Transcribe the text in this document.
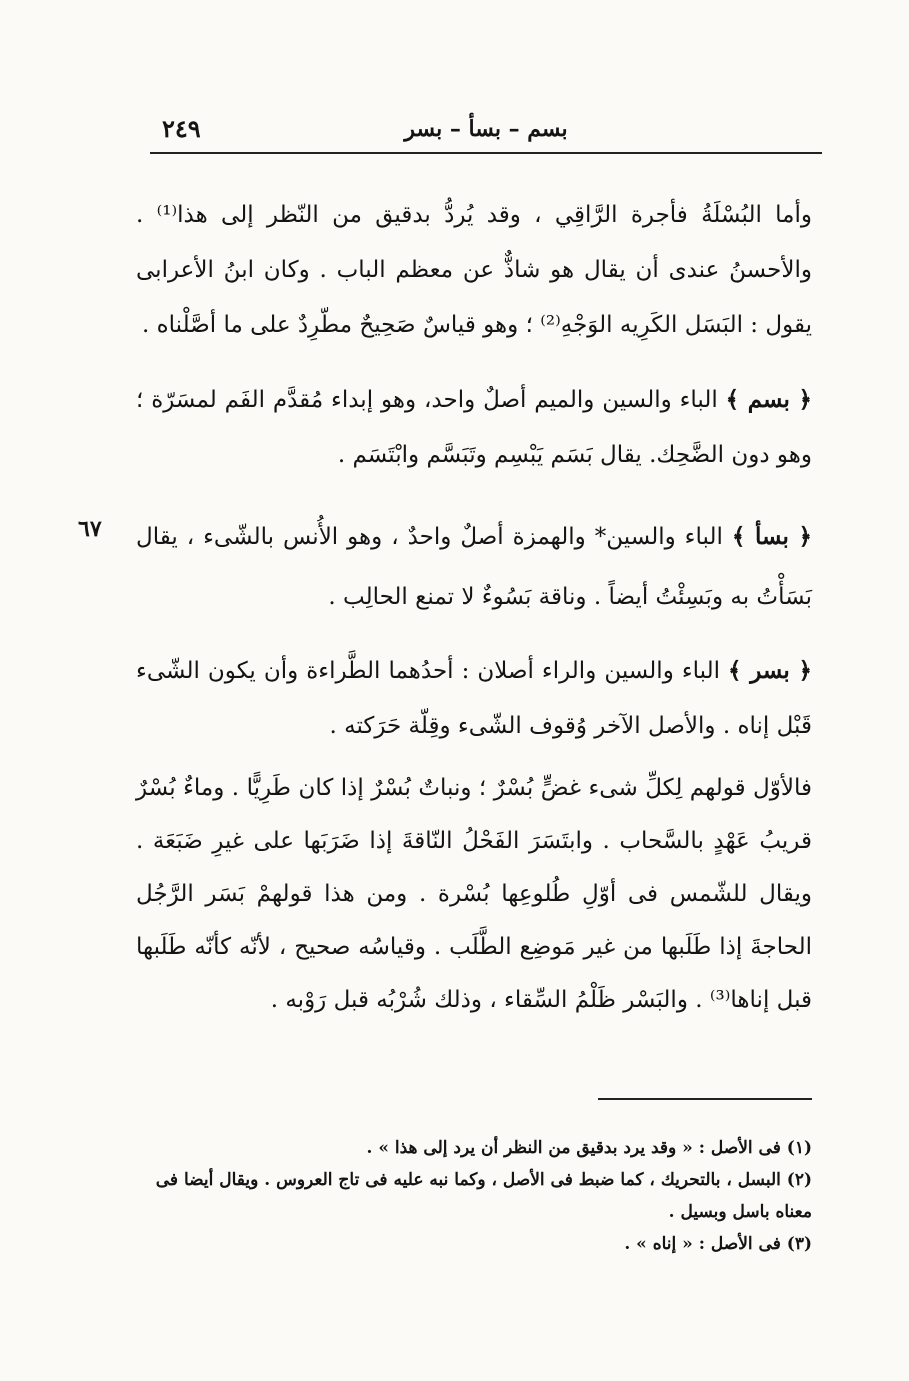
٢٤٩	بسم – بسأ – بسر

وأما البُسْلَةُ فأجرة الرَّاقِي ، وقد يُردُّ بدقيق من النّظر إلى هذا⁽¹⁾ . والأحسنُ عندى أن يقال هو شاذٌّ عن معظم الباب . وكان ابنُ الأعرابى يقول : البَسَل الكَرِيه الوَجْهِ⁽²⁾ ؛ وهو قياسٌ صَحِيحٌ مطّرِدٌ على ما أصَّلْناه .

﴿ بسم ﴾ الباء والسين والميم أصلٌ واحد، وهو إبداء مُقدَّم الفَم لمسَرّة ؛ وهو دون الضَّحِك. يقال بَسَم يَبْسِم وتَبَسَّم وابْتَسَم .

٦٧	﴿ بسأ ﴾ الباء والسين* والهمزة أصلٌ واحدٌ ، وهو الأُنس بالشّىء ، يقال بَسَأْتُ به وبَسِئْتُ أيضاً . وناقة بَسُوءٌ لا تمنع الحالِب .

﴿ بسر ﴾ الباء والسين والراء أصلان : أحدُهما الطَّراءة وأن يكون الشّىء قَبْل إناه . والأصل الآخر وُقوف الشّىء وقِلّة حَرَكته .

فالأوّل قولهم لِكلِّ شىء غضٍّ بُسْرٌ ؛ ونباتٌ بُسْرٌ إذا كان طَرِيًّا . وماءٌ بُسْرٌ قريبُ عَهْدٍ بالسَّحاب . وابتَسَرَ الفَحْلُ النّاقةَ إذا ضَرَبَها على غيرِ ضَبَعَة . ويقال للشّمس فى أوّلِ طُلوعِها بُسْرة . ومن هذا قولهمْ بَسَر الرَّجُل الحاجةَ إذا طَلَبها من غير مَوضِع الطَّلَب . وقياسُه صحيح ، لأنّه كأنّه طَلَبها قبل إناها⁽³⁾ . والبَسْر ظَلْمُ السِّقاء ، وذلك شُرْبُه قبل رَوْبه .

(١) فى الأصل : « وقد يرد بدقيق من النظر أن يرد إلى هذا » .

(٢) البسل ، بالتحريك ، كما ضبط فى الأصل ، وكما نبه عليه فى تاج العروس . ويقال أيضا فى معناه باسل وبسيل .

(٣) فى الأصل : « إناه » .
